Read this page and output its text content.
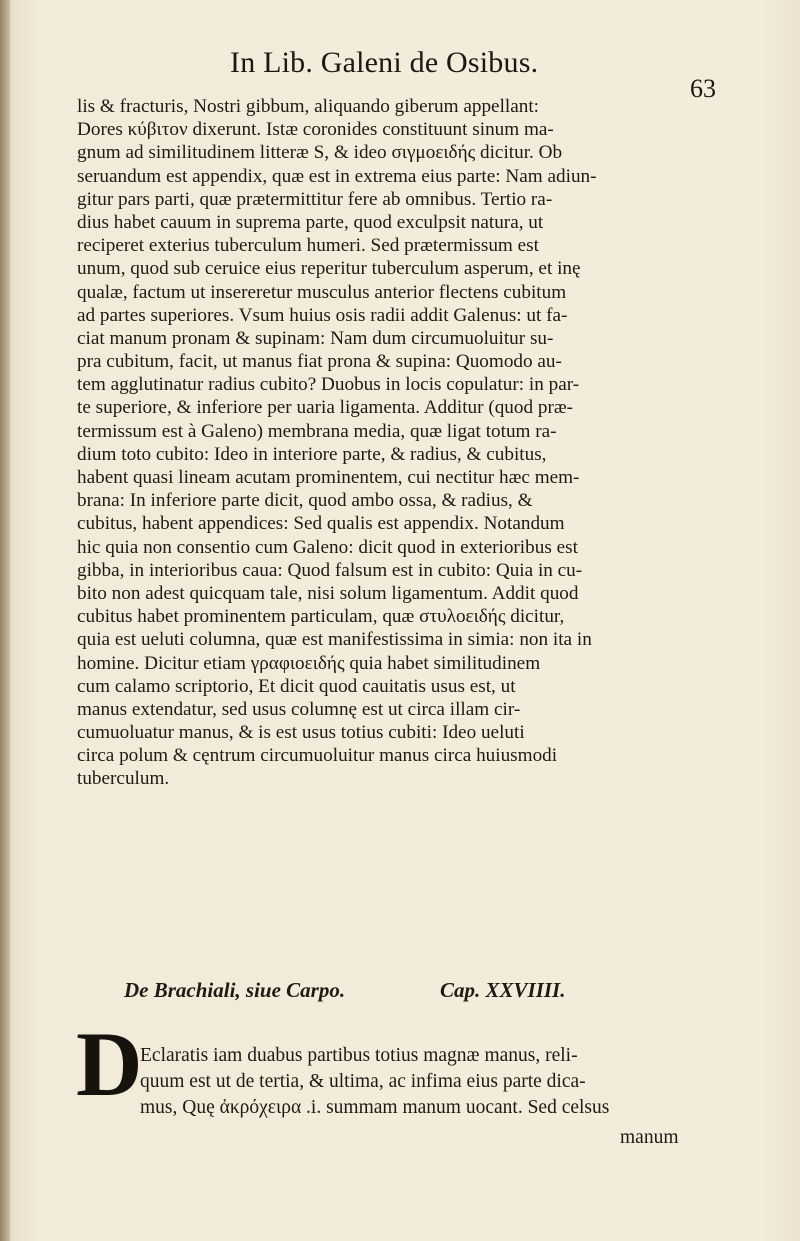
In Lib. Galeni de Osibus.
63
lis & fracturis, Nostri gibbum, aliquando giberum appellant:
Dores κύβιτον dixerunt. Istæ coronides constituunt sinum ma-
gnum ad similitudinem litteræ S, & ideo σιγμοειδής dicitur. Ob
seruandum est appendix, quæ est in extrema eius parte: Nam adiun-
gitur pars parti, quæ prætermittitur fere ab omnibus. Tertio ra-
dius habet cauum in suprema parte, quod exculpsit natura, ut
reciperet exterius tuberculum humeri. Sed prætermissum est
unum, quod sub ceruice eius reperitur tuberculum asperum, et inę
qualæ, factum ut insereretur musculus anterior flectens cubitum
ad partes superiores. Vsum huius osis radii addit Galenus: ut fa-
ciat manum pronam & supinam: Nam dum circumuoluitur su-
pra cubitum, facit, ut manus fiat prona & supina: Quomodo au-
tem agglutinatur radius cubito? Duobus in locis copulatur: in par-
te superiore, & inferiore per uaria ligamenta. Additur (quod præ-
termissum est à Galeno) membrana media, quæ ligat totum ra-
dium toto cubito: Ideo in interiore parte, & radius, & cubitus,
habent quasi lineam acutam prominentem, cui nectitur hæc mem-
brana: In inferiore parte dicit, quod ambo ossa, & radius, &
cubitus, habent appendices: Sed qualis est appendix. Notandum
hic quia non consentio cum Galeno: dicit quod in exterioribus est
gibba, in interioribus caua: Quod falsum est in cubito: Quia in cu-
bito non adest quicquam tale, nisi solum ligamentum. Addit quod
cubitus habet prominentem particulam, quæ στυλοειδής dicitur,
quia est ueluti columna, quæ est manifestissima in simia: non ita in
homine. Dicitur etiam γραφιοειδής quia habet similitudinem
cum calamo scriptorio, Et dicit quod cauitatis usus est, ut
manus extendatur, sed usus columnę est ut circa illam cir-
cumuoluatur manus, & is est usus totius cubiti: Ideo ueluti
circa polum & cęntrum circumuoluitur manus circa huiusmodi
tuberculum.
De Brachiali, siue Carpo.	Cap. XXVIIII.
D
Eclaratis iam duabus partibus totius magnæ manus, reli-
quum est ut de tertia, & ultima, ac infima eius parte dica-
mus, Quę ἀκρόχειρα .i. summam manum uocant. Sed celsus
manum
